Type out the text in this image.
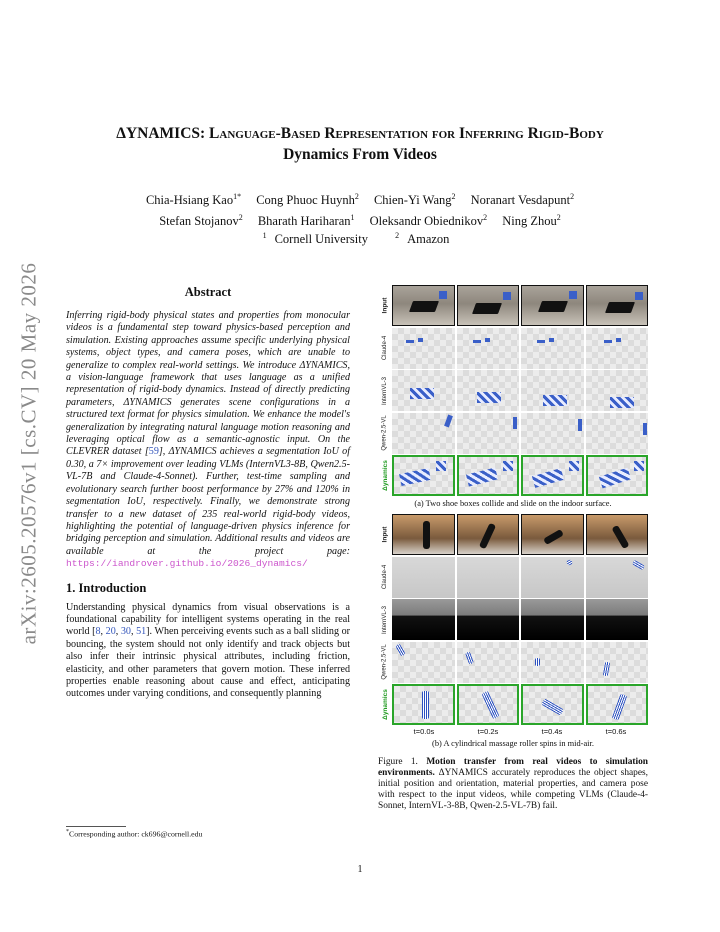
arXiv:2605.20576v1 [cs.CV] 20 May 2026
ΔYNAMICS: Language-Based Representation for Inferring Rigid-Body
Dynamics From Videos
Chia-Hsiang Kao$^{1*}$ Cong Phuoc Huynh$^2$ Chien-Yi Wang$^2$ Noranart Vesdapunt$^2$
Stefan Stojanov$^2$ Bharath Hariharan$^1$ Oleksandr Obiednikov$^2$ Ning Zhou$^2$
$^1$ Cornell University	$^2$ Amazon
Abstract
Inferring rigid-body physical states and properties from monocular videos is a fundamental step toward physics-based perception and simulation. Existing approaches assume specific underlying physical systems, object types, and camera poses, which are unable to generalize to complex real-world settings. We introduce ΔYNAMICS, a vision-language framework that uses language as a unified representation of rigid-body dynamics. Instead of directly predicting parameters, ΔYNAMICS generates scene configurations in a structured text format for physics simulation. We enhance the model's generalization by integrating natural language motion reasoning and leveraging optical flow as a semantic-agnostic input. On the CLEVRER dataset [59], ΔYNAMICS achieves a segmentation IoU of 0.30, a 7× improvement over leading VLMs (InternVL3-8B, Qwen2.5-VL-7B and Claude-4-Sonnet). Further, test-time sampling and evolutionary search further boost performance by 27% and 120% in segmentation IoU, respectively. Finally, we demonstrate strong transfer to a new dataset of 235 real-world rigid-body videos, highlighting the potential of language-driven physics inference for bridging perception and simulation. Additional results and videos are available at the project page: https://iandrover.github.io/2026_dynamics/
1. Introduction
Understanding physical dynamics from visual observations is a foundational capability for intelligent systems operating in the real world [8, 20, 30, 51]. When perceiving events such as a ball sliding or bouncing, the system should not only identify and track objects but also infer their intrinsic physical attributes, including friction, elasticity, and other parameters that govern motion. These inferred properties enable reasoning about cause and effect, anticipating outcomes under varying conditions, and consequently planning
*Corresponding author: ck696@cornell.edu
1
Input
Claude-4
InternVL-3
Qwen-2.5-VL
Δynamics
(a) Two shoe boxes collide and slide on the indoor surface.
Input
Claude-4
InternVL-3
Qwen-2.5-VL
Δynamics
t=0.0s	t=0.2s	t=0.4s	t=0.6s
(b) A cylindrical massage roller spins in mid-air.
Figure 1. Motion transfer from real videos to simulation environments. ΔYNAMICS accurately reproduces the object shapes, initial position and orientation, material properties, and camera pose with respect to the input videos, while competing VLMs (Claude-4-Sonnet, InternVL-3-8B, Qwen-2.5-VL-7B) fail.
